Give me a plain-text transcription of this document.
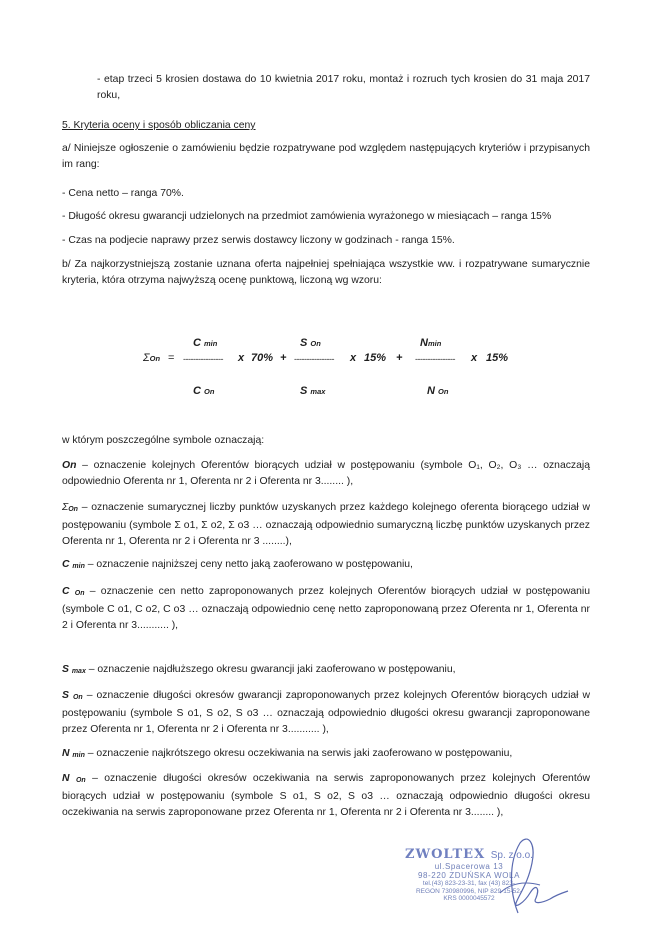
- etap trzeci 5 krosien dostawa do 10 kwietnia 2017 roku, montaż i rozruch tych krosien do 31 maja 2017 roku,

5. Kryteria oceny i sposób obliczania ceny

a/ Niniejsze ogłoszenie o zamówieniu będzie rozpatrywane pod względem następujących kryteriów i przypisanych im rang:

- Cena netto – ranga 70%.

- Długość okresu gwarancji udzielonych na przedmiot zamówienia wyrażonego w miesiącach – ranga 15%

- Czas na podjecie naprawy przez serwis dostawcy liczony w godzinach - ranga 15%.

b/ Za najkorzystniejszą zostanie uznana oferta najpełniej spełniająca wszystkie ww. i rozpatrywane sumarycznie kryteria, która otrzyma najwyższą ocenę punktową, liczoną wg wzoru:

ΣOn =
C min
----------------
C On
x 70% +
S On
----------------
S max
x 15% +
Nmin
----------------
N On
x 15%

w którym poszczególne symbole oznaczają:

On – oznaczenie kolejnych Oferentów biorących udział w postępowaniu (symbole O₁, O₂, O₃ … oznaczają odpowiednio Oferenta nr 1, Oferenta nr 2 i Oferenta nr 3........ ),

ΣOn – oznaczenie sumarycznej liczby punktów uzyskanych przez każdego kolejnego oferenta biorącego udział w postępowaniu (symbole Σ o1, Σ o2, Σ o3 … oznaczają odpowiednio sumaryczną liczbę punktów uzyskanych przez Oferenta nr 1, Oferenta nr 2 i Oferenta nr 3 ........),

C min – oznaczenie najniższej ceny netto jaką zaoferowano w postępowaniu,

C On – oznaczenie cen netto zaproponowanych przez kolejnych Oferentów biorących udział w postępowaniu (symbole C o1, C o2, C o3 … oznaczają odpowiednio cenę netto zaproponowaną przez Oferenta nr 1, Oferenta nr 2 i Oferenta nr 3........... ),

S max – oznaczenie najdłuższego okresu gwarancji jaki zaoferowano w postępowaniu,

S On – oznaczenie długości okresów gwarancji zaproponowanych przez kolejnych Oferentów biorących udział w postępowaniu (symbole S o1, S o2, S o3 … oznaczają odpowiednio długości okresu gwarancji zaproponowane przez Oferenta nr 1, Oferenta nr 2 i Oferenta nr 3........... ),

N min – oznaczenie najkrótszego okresu oczekiwania na serwis jaki zaoferowano w postępowaniu,

N On – oznaczenie długości okresów oczekiwania na serwis zaproponowanych przez kolejnych Oferentów biorących udział w postępowaniu (symbole S o1, S o2, S o3 … oznaczają odpowiednio długości okresu oczekiwania na serwis zaproponowane przez Oferenta nr 1, Oferenta nr 2 i Oferenta nr 3........ ),

ZWOLTEX Sp. z o.o.
ul.Spacerowa 13
98-220 ZDUŃSKA WOLA
tel.(43) 823-23-31, fax (43) 823-
REGON 730980996, NIP 829-15-52-
KRS 0000045572
